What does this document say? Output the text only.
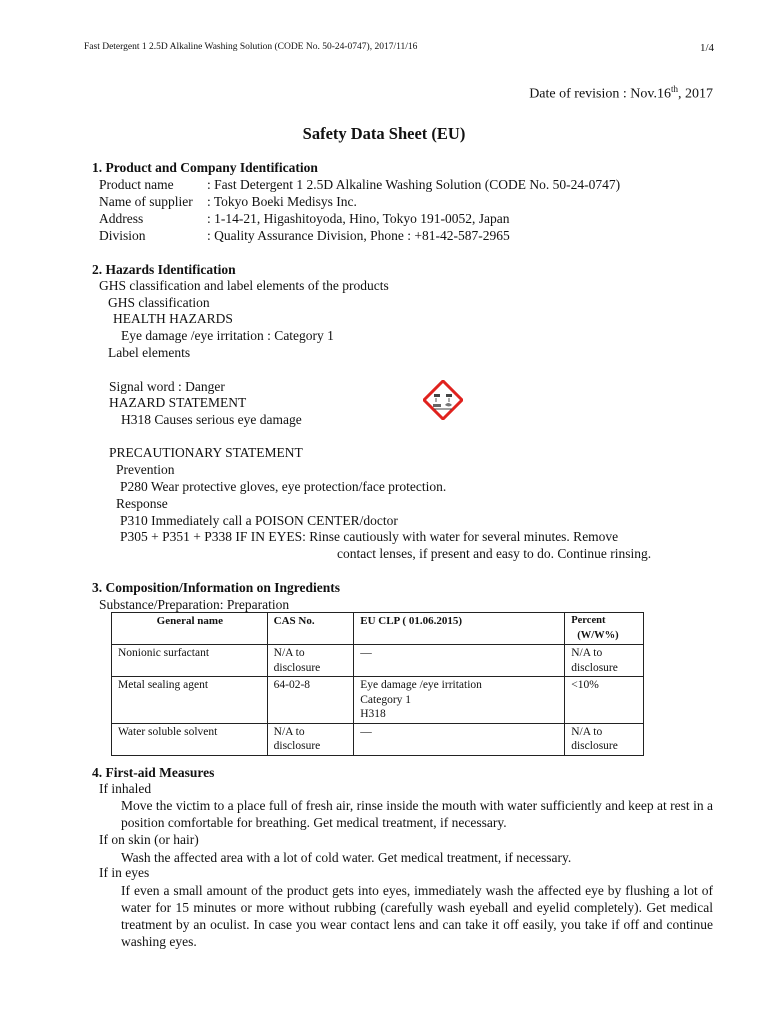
Fast Detergent 1 2.5D Alkaline Washing Solution (CODE No. 50-24-0747), 2017/11/16	1/4
Date of revision : Nov.16th, 2017
Safety Data Sheet (EU)
1. Product and Company Identification
Product name : Fast Detergent 1 2.5D Alkaline Washing Solution (CODE No. 50-24-0747)
Name of supplier : Tokyo Boeki Medisys Inc.
Address	: 1-14-21, Higashitoyoda, Hino, Tokyo 191-0052, Japan
Division	: Quality Assurance Division, Phone : +81-42-587-2965
2. Hazards Identification
GHS classification and label elements of the products
GHS classification
HEALTH HAZARDS
Eye damage /eye irritation : Category 1
Label elements
Signal word : Danger
HAZARD STATEMENT
H318 Causes serious eye damage
PRECAUTIONARY STATEMENT
Prevention
P280 Wear protective gloves, eye protection/face protection.
Response
P310 Immediately call a POISON CENTER/doctor
P305 + P351 + P338 IF IN EYES: Rinse cautiously with water for several minutes. Remove
contact lenses, if present and easy to do. Continue rinsing.
3. Composition/Information on Ingredients
Substance/Preparation: Preparation
General name	CAS No.	EU CLP ( 01.06.2015)	Percent
(W/W%)
Nonionic surfactant	N/A to
disclosure	—	N/A to
disclosure
Metal sealing agent	64-02-8	Eye damage /eye irritation
Category 1
H318	<10%
Water soluble solvent	N/A to
disclosure	—	N/A to
disclosure
4. First-aid Measures
If inhaled
Move the victim to a place full of fresh air, rinse inside the mouth with water sufficiently and keep at rest in a position comfortable for breathing. Get medical treatment, if necessary.
If on skin (or hair)
Wash the affected area with a lot of cold water. Get medical treatment, if necessary.
If in eyes
If even a small amount of the product gets into eyes, immediately wash the affected eye by flushing a lot of water for 15 minutes or more without rubbing (carefully wash eyeball and eyelid completely). Get medical treatment by an oculist. In case you wear contact lens and can take it off easily, you take if off and continue washing eyes.
